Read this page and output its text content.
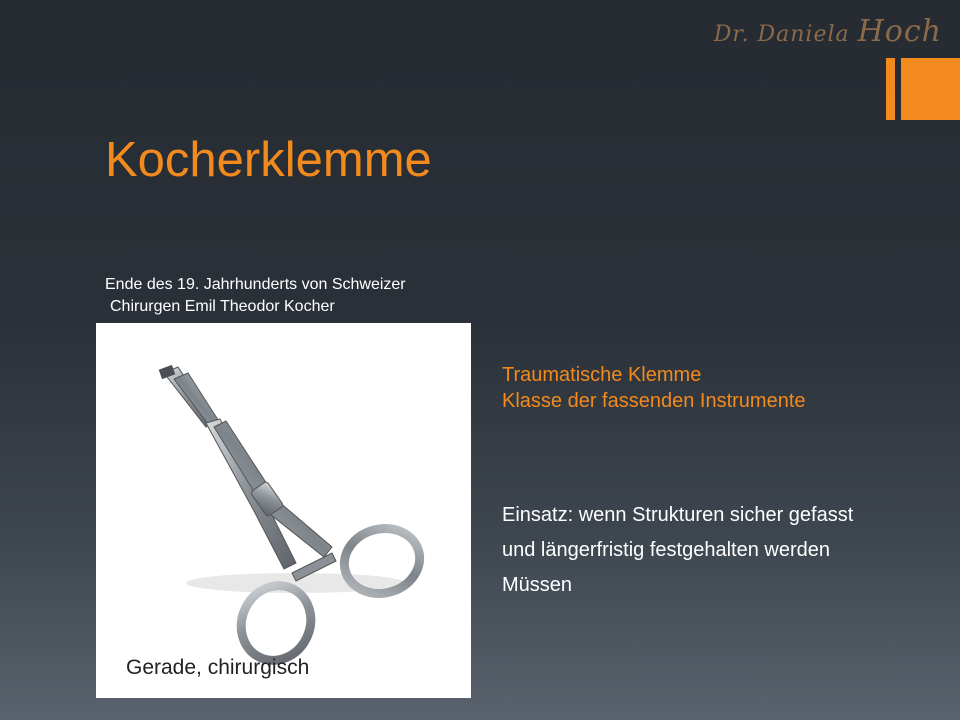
Dr. Daniela Hoch
Kocherklemme
Ende des 19. Jahrhunderts von Schweizer
Chirurgen Emil Theodor Kocher
Gerade, chirurgisch
Traumatische Klemme
Klasse der fassenden Instrumente
Einsatz: wenn Strukturen sicher gefasst
und längerfristig festgehalten werden
Müssen
